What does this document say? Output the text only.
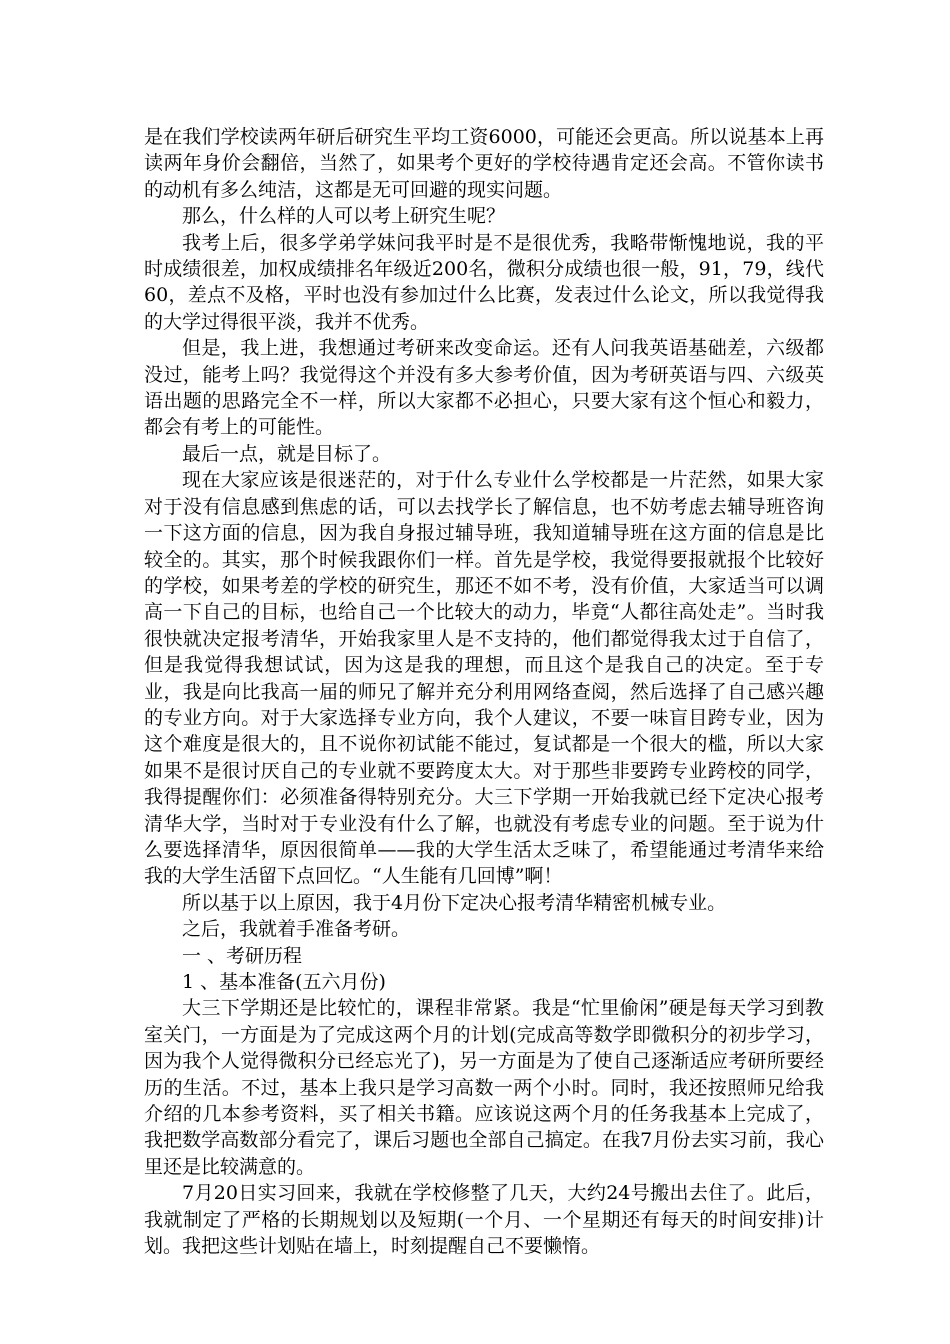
是在我们学校读两年研后研究生平均工资6000，可能还会更高。所以说基本上再读两年身价会翻倍，当然了，如果考个更好的学校待遇肯定还会高。不管你读书的动机有多么纯洁，这都是无可回避的现实问题。

那么，什么样的人可以考上研究生呢？

我考上后，很多学弟学妹问我平时是不是很优秀，我略带惭愧地说，我的平时成绩很差，加权成绩排名年级近200名，微积分成绩也很一般，91，79，线代60，差点不及格，平时也没有参加过什么比赛，发表过什么论文，所以我觉得我的大学过得很平淡，我并不优秀。

但是，我上进，我想通过考研来改变命运。还有人问我英语基础差，六级都没过，能考上吗？我觉得这个并没有多大参考价值，因为考研英语与四、六级英语出题的思路完全不一样，所以大家都不必担心，只要大家有这个恒心和毅力，都会有考上的可能性。

最后一点，就是目标了。

现在大家应该是很迷茫的，对于什么专业什么学校都是一片茫然，如果大家对于没有信息感到焦虑的话，可以去找学长了解信息，也不妨考虑去辅导班咨询一下这方面的信息，因为我自身报过辅导班，我知道辅导班在这方面的信息是比较全的。其实，那个时候我跟你们一样。首先是学校，我觉得要报就报个比较好的学校，如果考差的学校的研究生，那还不如不考，没有价值，大家适当可以调高一下自己的目标，也给自己一个比较大的动力，毕竟“人都往高处走”。当时我很快就决定报考清华，开始我家里人是不支持的，他们都觉得我太过于自信了，但是我觉得我想试试，因为这是我的理想，而且这个是我自己的决定。至于专业，我是向比我高一届的师兄了解并充分利用网络查阅，然后选择了自己感兴趣的专业方向。对于大家选择专业方向，我个人建议，不要一味盲目跨专业，因为这个难度是很大的，且不说你初试能不能过，复试都是一个很大的槛，所以大家如果不是很讨厌自己的专业就不要跨度太大。对于那些非要跨专业跨校的同学，我得提醒你们：必须准备得特别充分。大三下学期一开始我就已经下定决心报考清华大学，当时对于专业没有什么了解，也就没有考虑专业的问题。至于说为什么要选择清华，原因很简单——我的大学生活太乏味了，希望能通过考清华来给我的大学生活留下点回忆。“人生能有几回博”啊！

所以基于以上原因，我于4月份下定决心报考清华精密机械专业。

之后，我就着手准备考研。

一 、考研历程

1 、基本准备(五六月份)

大三下学期还是比较忙的，课程非常紧。我是“忙里偷闲”硬是每天学习到教室关门，一方面是为了完成这两个月的计划(完成高等数学即微积分的初步学习，因为我个人觉得微积分已经忘光了)，另一方面是为了使自己逐渐适应考研所要经历的生活。不过，基本上我只是学习高数一两个小时。同时，我还按照师兄给我介绍的几本参考资料，买了相关书籍。应该说这两个月的任务我基本上完成了，我把数学高数部分看完了，课后习题也全部自己搞定。在我7月份去实习前，我心里还是比较满意的。

7月20日实习回来，我就在学校修整了几天，大约24号搬出去住了。此后，我就制定了严格的长期规划以及短期(一个月、一个星期还有每天的时间安排)计划。我把这些计划贴在墙上，时刻提醒自己不要懒惰。
